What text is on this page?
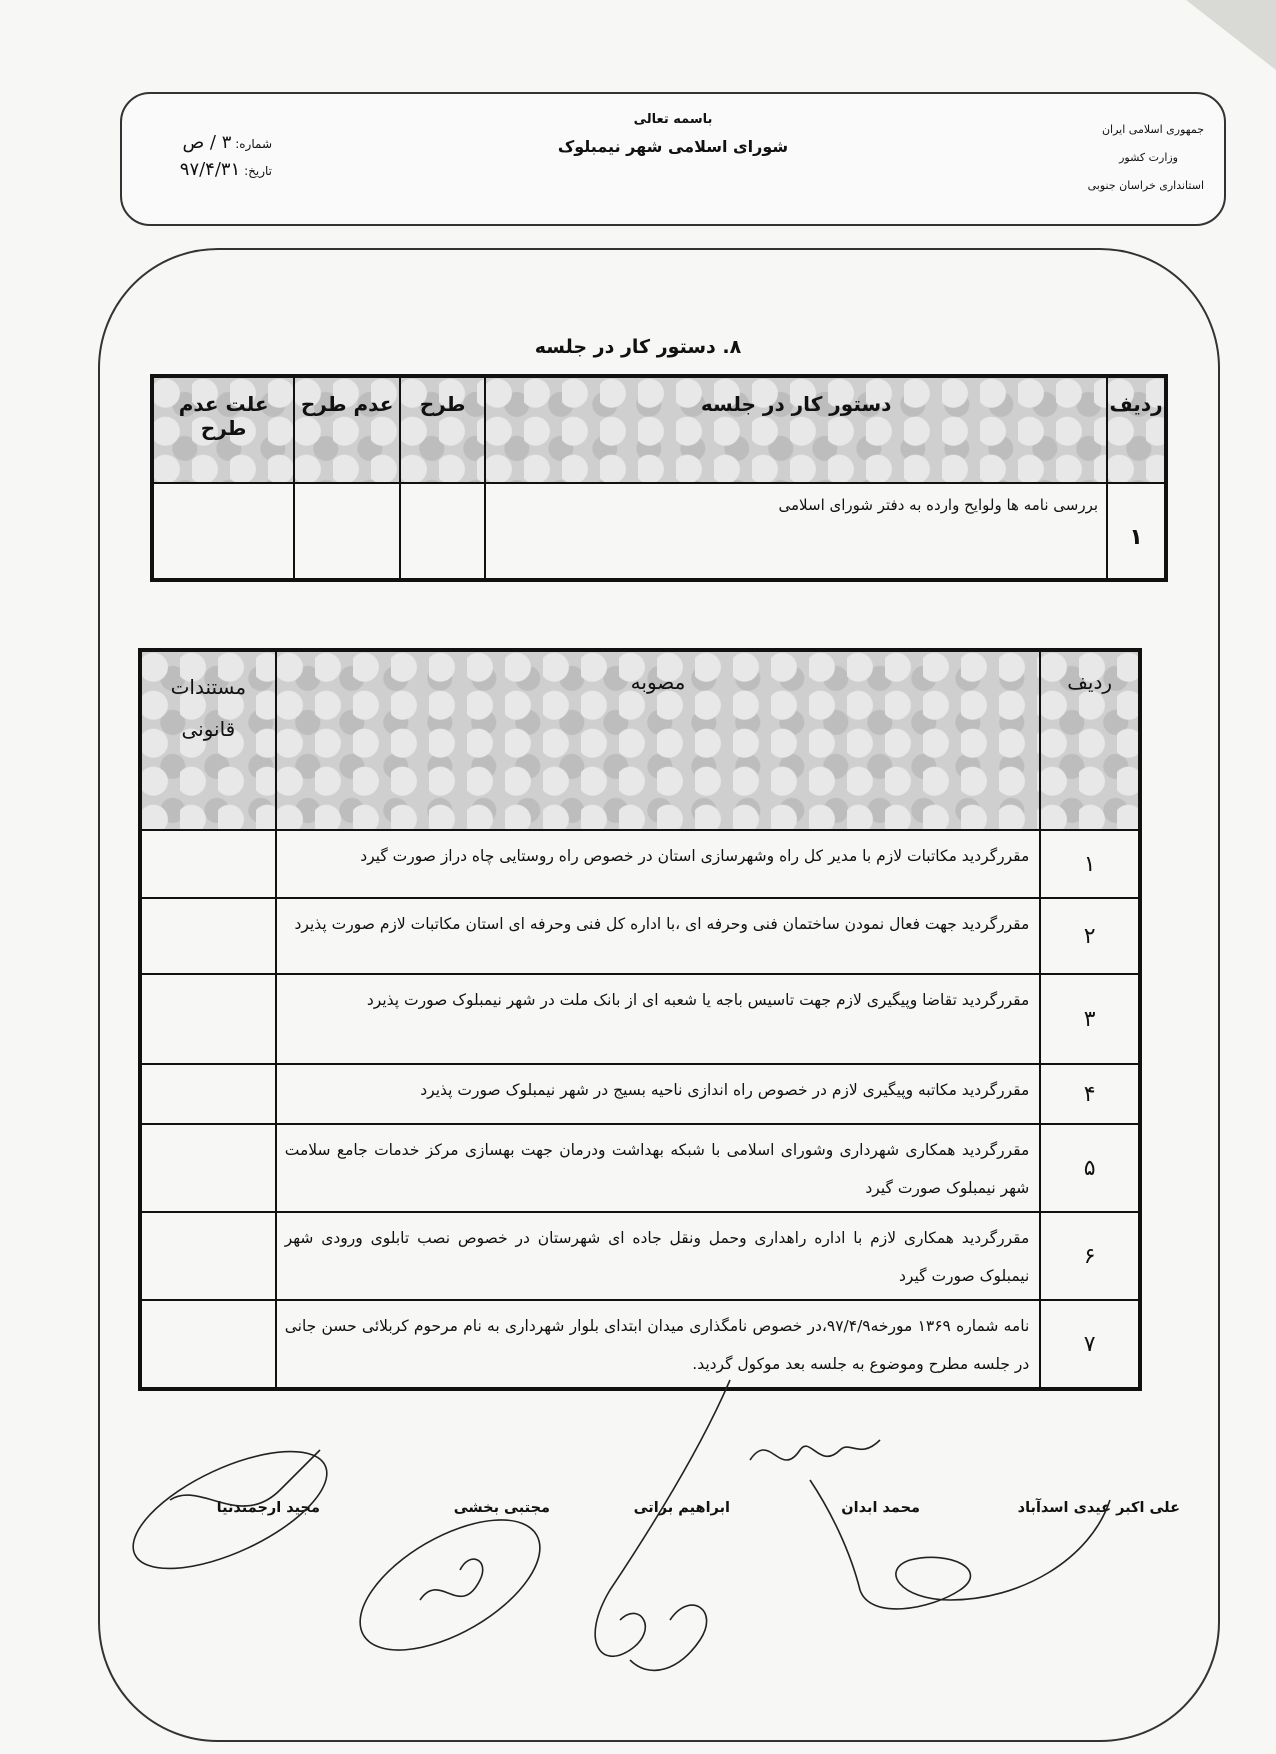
جمهوری اسلامی ایران
وزارت کشور
استانداری خراسان جنوبی
باسمه تعالی
شورای اسلامی شهر نیمبلوک
شماره: ۳ / ص
تاریخ: ۹۷/۴/۳۱
۸. دستور کار در جلسه
ردیف	دستور کار در جلسه	طرح	عدم طرح	علت عدم طرح
۱	بررسی نامه ها ولوایح وارده به دفتر شورای اسلامی			
ردیف	مصوبه	مستندات
قانونی

۱	مقررگردید مکاتبات لازم با مدیر کل راه وشهرسازی استان در خصوص راه روستایی چاه دراز صورت گیرد	
۲	مقررگردید جهت فعال نمودن ساختمان فنی وحرفه ای ،با اداره کل فنی وحرفه ای استان مکاتبات لازم صورت پذیرد	
۳	مقررگردید تقاضا وپیگیری لازم جهت تاسیس باجه یا شعبه ای از بانک ملت در شهر نیمبلوک صورت پذیرد	
۴	مقررگردید مکاتبه وپیگیری لازم در خصوص راه اندازی ناحیه بسیج در شهر نیمبلوک صورت پذیرد	
۵	مقررگردید همکاری شهرداری وشورای اسلامی با شبکه بهداشت ودرمان جهت بهسازی مرکز خدمات جامع سلامت شهر نیمبلوک صورت گیرد	
۶	مقررگردید همکاری لازم با اداره راهداری وحمل ونقل جاده ای شهرستان در خصوص نصب تابلوی ورودی شهر نیمبلوک صورت گیرد	
۷	نامه شماره ۱۳۶۹ مورخه۹۷/۴/۹،در خصوص نامگذاری میدان ابتدای بلوار شهرداری به نام مرحوم کربلائی حسن جانی در جلسه مطرح وموضوع به جلسه بعد موکول گردید.	
علی اکبر عیدی اسدآباد
محمد ابدان
ابراهیم براتی
مجتبی بخشی
مجید ارجمندنیا
